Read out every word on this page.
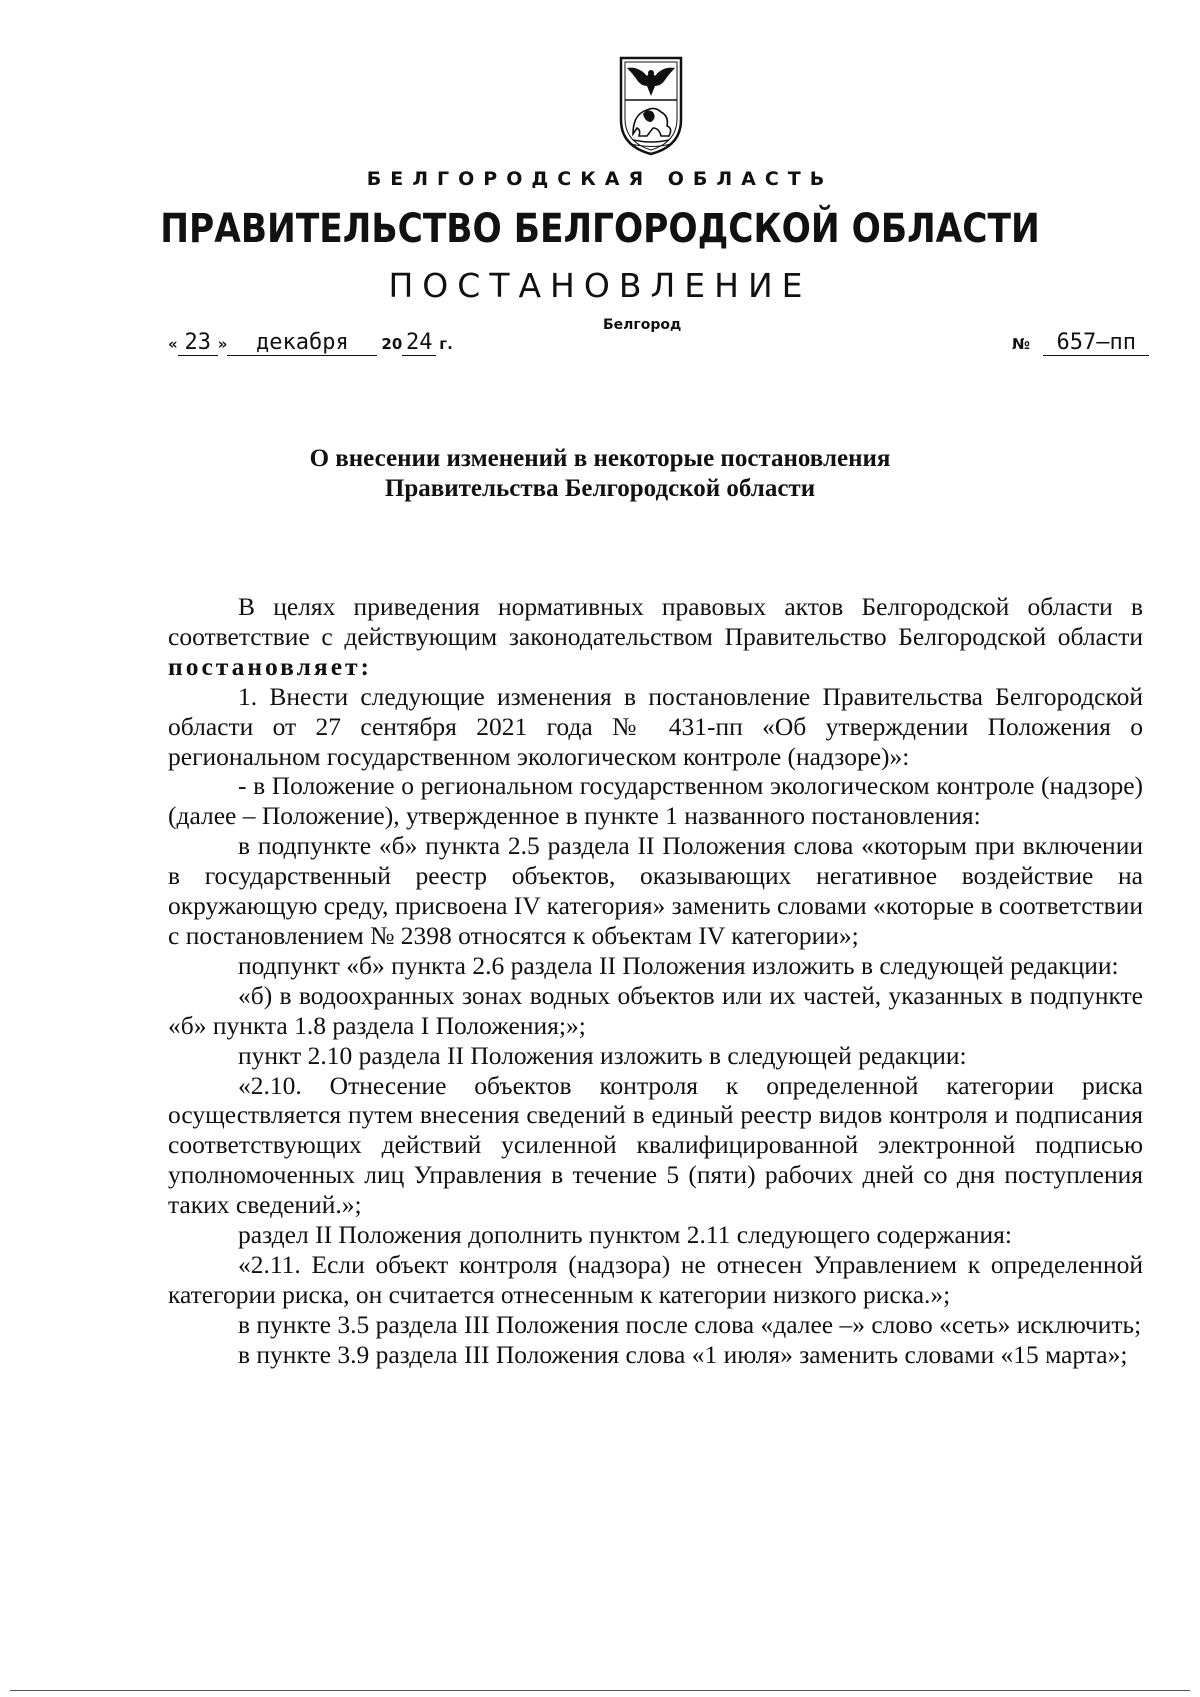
БЕЛГОРОДСКАЯ ОБЛАСТЬ
ПРАВИТЕЛЬСТВО БЕЛГОРОДСКОЙ ОБЛАСТИ
ПОСТАНОВЛЕНИЕ
Белгород
« 23 » декабря 20 24 г.	№ 657–пп
О внесении изменений в некоторые постановления
Правительства Белгородской области

В целях приведения нормативных правовых актов Белгородской области в соответствие с действующим законодательством Правительство Белгородской области постановляет:

1. Внести следующие изменения в постановление Правительства Белгородской области от 27 сентября 2021 года № 431-пп «Об утверждении Положения о региональном государственном экологическом контроле (надзоре)»:

- в Положение о региональном государственном экологическом контроле (надзоре) (далее – Положение), утвержденное в пункте 1 названного постановления:

в подпункте «б» пункта 2.5 раздела II Положения слова «которым при включении в государственный реестр объектов, оказывающих негативное воздействие на окружающую среду, присвоена IV категория» заменить словами «которые в соответствии с постановлением № 2398 относятся к объектам IV категории»;

подпункт «б» пункта 2.6 раздела II Положения изложить в следующей редакции:

«б) в водоохранных зонах водных объектов или их частей, указанных в подпункте «б» пункта 1.8 раздела I Положения;»;

пункт 2.10 раздела II Положения изложить в следующей редакции:

«2.10. Отнесение объектов контроля к определенной категории риска осуществляется путем внесения сведений в единый реестр видов контроля и подписания соответствующих действий усиленной квалифицированной электронной подписью уполномоченных лиц Управления в течение 5 (пяти) рабочих дней со дня поступления таких сведений.»;

раздел II Положения дополнить пунктом 2.11 следующего содержания:

«2.11. Если объект контроля (надзора) не отнесен Управлением к определенной категории риска, он считается отнесенным к категории низкого риска.»;

в пункте 3.5 раздела III Положения после слова «далее –» слово «сеть» исключить;

в пункте 3.9 раздела III Положения слова «1 июля» заменить словами «15 марта»;
